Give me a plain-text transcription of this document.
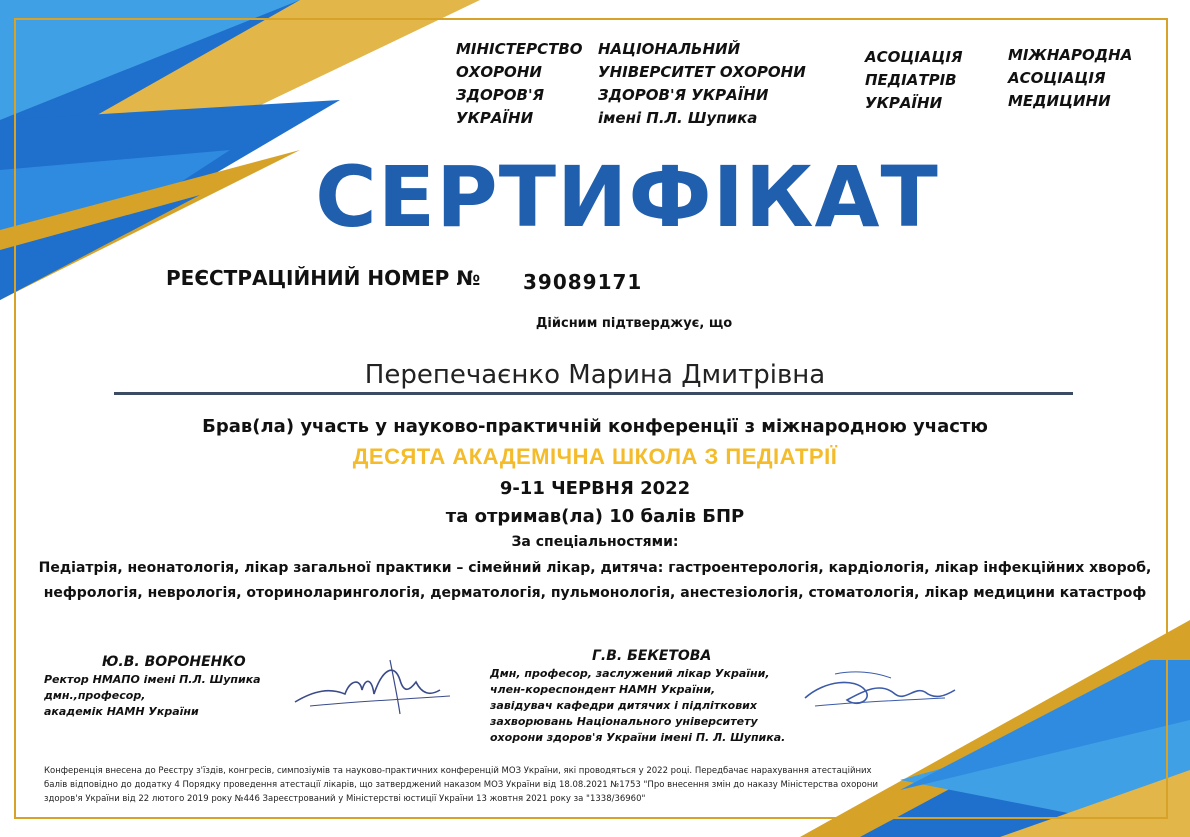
МІНІСТЕРСТВО
ОХОРОНИ
ЗДОРОВ'Я
УКРАЇНИ
НАЦІОНАЛЬНИЙ
УНІВЕРСИТЕТ ОХОРОНИ
ЗДОРОВ'Я УКРАЇНИ
імені П.Л. Шупика
АСОЦІАЦІЯ
ПЕДІАТРІВ
УКРАЇНИ
МІЖНАРОДНА
АСОЦІАЦІЯ
МЕДИЦИНИ
СЕРТИФІКАТ
РЕЄСТРАЦІЙНИЙ НОМЕР № 39089171
Дійсним підтверджує, що
Перепечаєнко Марина Дмитрівна
Брав(ла) участь у науково-практичній конференції з міжнародною участю
ДЕСЯТА АКАДЕМІЧНА ШКОЛА З ПЕДІАТРІЇ
9-11 ЧЕРВНЯ 2022
та отримав(ла) 10 балів БПР
За спеціальностями:
Педіатрія, неонатологія, лікар загальної практики – сімейний лікар, дитяча: гастроентерологія, кардіологія, лікар інфекційних хвороб,
нефрологія, неврологія, оториноларингологія, дерматологія, пульмонологія, анестезіологія, стоматологія, лікар медицини катастроф
Ю.В. ВОРОНЕНКО
Ректор НМАПО імені П.Л. Шупика
дмн.,професор,
академік НАМН України
Г.В. БЕКЕТОВА
Дмн, професор, заслужений лікар України,
член-кореспондент НАМН України,
завідувач кафедри дитячих і підліткових
захворювань Національного університету
охорони здоров'я України імені П. Л. Шупика.
Конференція внесена до Реєстру з'їздів, конгресів, симпозіумів та науково-практичних конференцій МОЗ України, які проводяться у 2022 році. Передбачає нарахування атестаційних балів відповідно до додатку 4 Порядку проведення атестації лікарів, що затверджений наказом МОЗ України від 18.08.2021 №1753 "Про внесення змін до наказу Міністерства охорони здоров'я України від 22 лютого 2019 року №446 Зареєстрований у Міністерстві юстиції України 13 жовтня 2021 року за "1338/36960"
